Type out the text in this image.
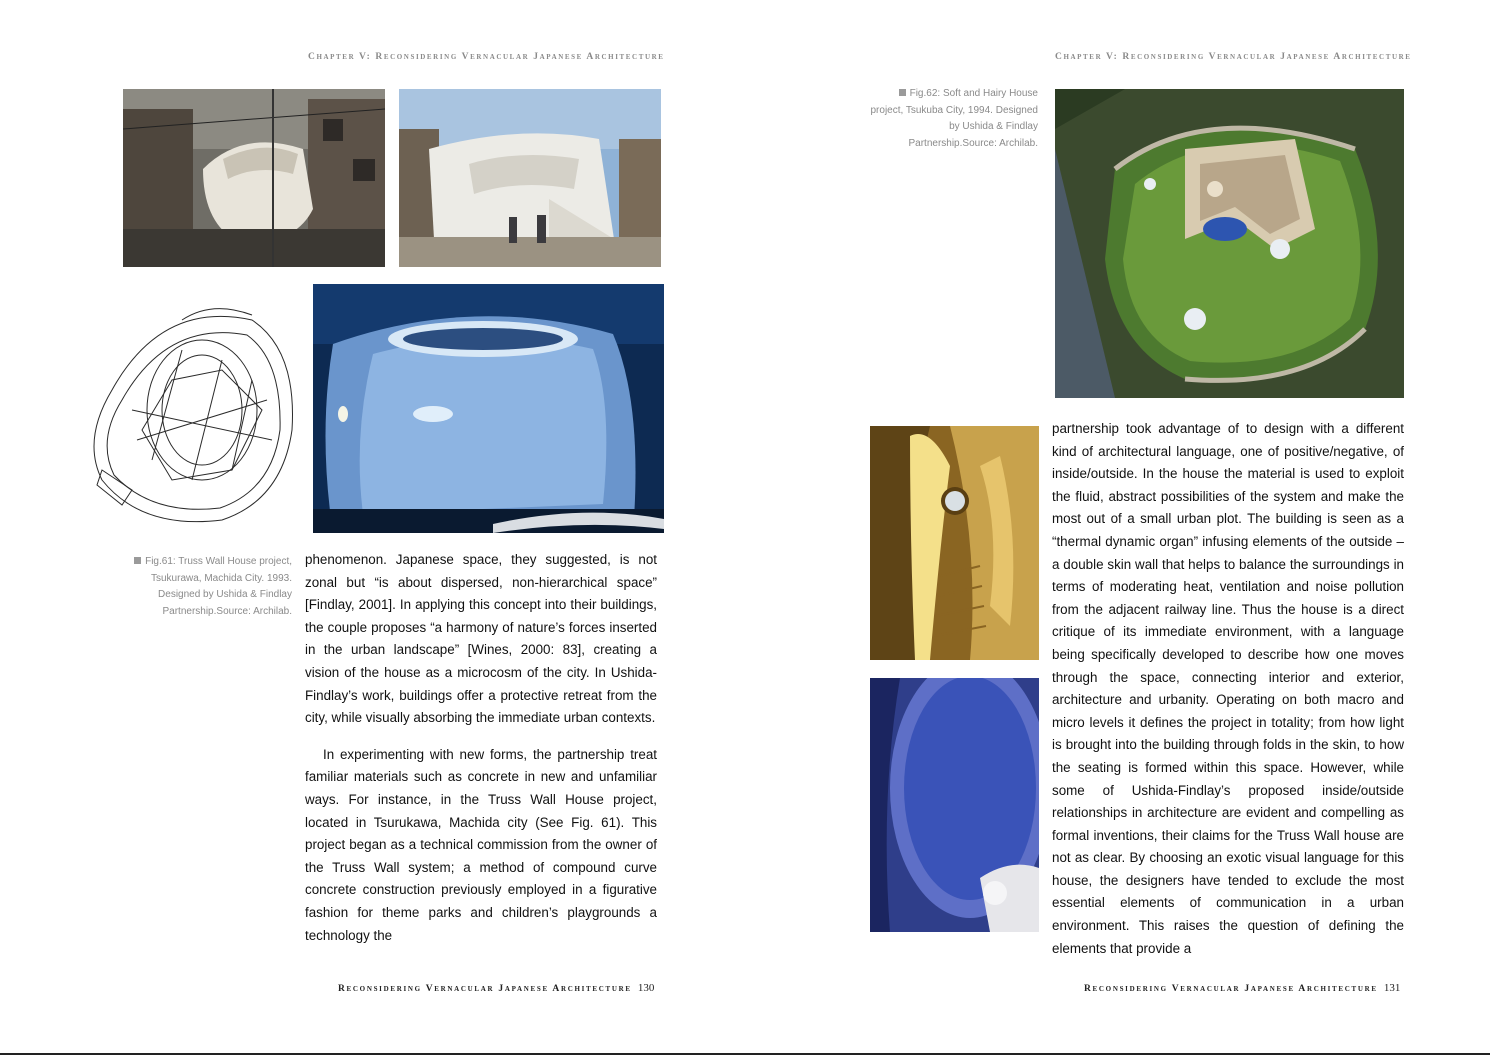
Chapter V: Reconsidering Vernacular Japanese Architecture
Fig.61: Truss Wall House project, Tsukurawa, Machida City. 1993. Designed by Ushida & Findlay Partnership.Source: Archilab.

phenomenon. Japanese space, they suggested, is not zonal but “is about dispersed, non-hierarchical space” [Findlay, 2001]. In applying this concept into their buildings, the couple proposes “a harmony of nature’s forces inserted in the urban landscape” [Wines, 2000: 83], creating a vision of the house as a microcosm of the city. In Ushida-Findlay’s work, buildings offer a protective retreat from the city, while visually absorbing the immediate urban contexts.

In experimenting with new forms, the partnership treat familiar materials such as concrete in new and unfamiliar ways. For instance, in the Truss Wall House project, located in Tsurukawa, Machida city (See Fig. 61). This project began as a technical commission from the owner of the Truss Wall system; a method of compound curve concrete construction previously employed in a figurative fashion for theme parks and children’s playgrounds a technology the

Reconsidering Vernacular Japanese Architecture 130
Chapter V: Reconsidering Vernacular Japanese Architecture
Fig.62: Soft and Hairy House project, Tsukuba City, 1994. Designed by Ushida & Findlay Partnership.Source: Archilab.

partnership took advantage of to design with a different kind of architectural language, one of positive/negative, of inside/outside. In the house the material is used to exploit the fluid, abstract possibilities of the system and make the most out of a small urban plot. The building is seen as a “thermal dynamic organ” infusing elements of the outside – a double skin wall that helps to balance the surroundings in terms of moderating heat, ventilation and noise pollution from the adjacent railway line. Thus the house is a direct critique of its immediate environment, with a language being specifically developed to describe how one moves through the space, connecting interior and exterior, architecture and urbanity. Operating on both macro and micro levels it defines the project in totality; from how light is brought into the building through folds in the skin, to how the seating is formed within this space. However, while some of Ushida-Findlay’s proposed inside/outside relationships in architecture are evident and compelling as formal inventions, their claims for the Truss Wall house are not as clear. By choosing an exotic visual language for this house, the designers have tended to exclude the most essential elements of communication in a urban environment. This raises the question of defining the elements that provide a

Reconsidering Vernacular Japanese Architecture 131
